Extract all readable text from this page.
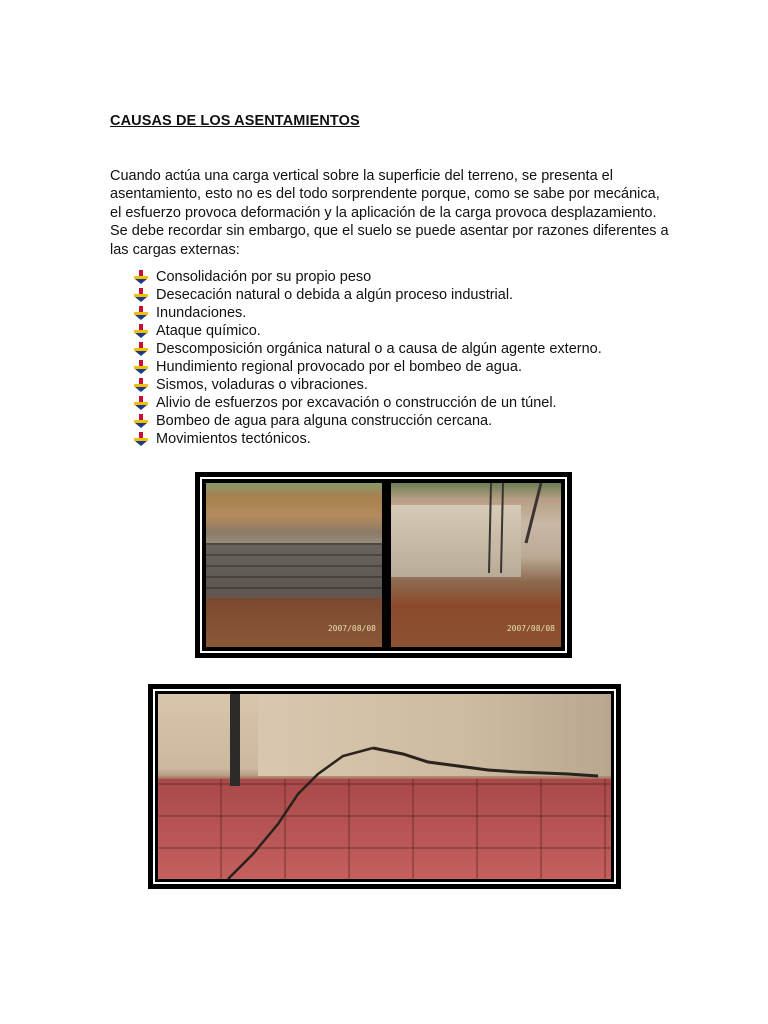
CAUSAS DE LOS ASENTAMIENTOS
Cuando actúa una carga vertical sobre la superficie del terreno, se presenta el asentamiento, esto no es del todo sorprendente porque, como se sabe por mecánica, el esfuerzo provoca deformación y la aplicación de la carga provoca desplazamiento. Se debe recordar sin embargo, que el suelo se puede asentar por razones diferentes a las cargas externas:
Consolidación por su propio peso
Desecación natural o debida a algún proceso industrial.
Inundaciones.
Ataque químico.
Descomposición orgánica natural o a causa de algún agente externo.
Hundimiento regional provocado por el bombeo de agua.
Sismos, voladuras o vibraciones.
Alivio de esfuerzos por excavación o construcción de un túnel.
Bombeo de agua para alguna construcción cercana.
Movimientos tectónicos.
2007/08/08	2007/08/08
